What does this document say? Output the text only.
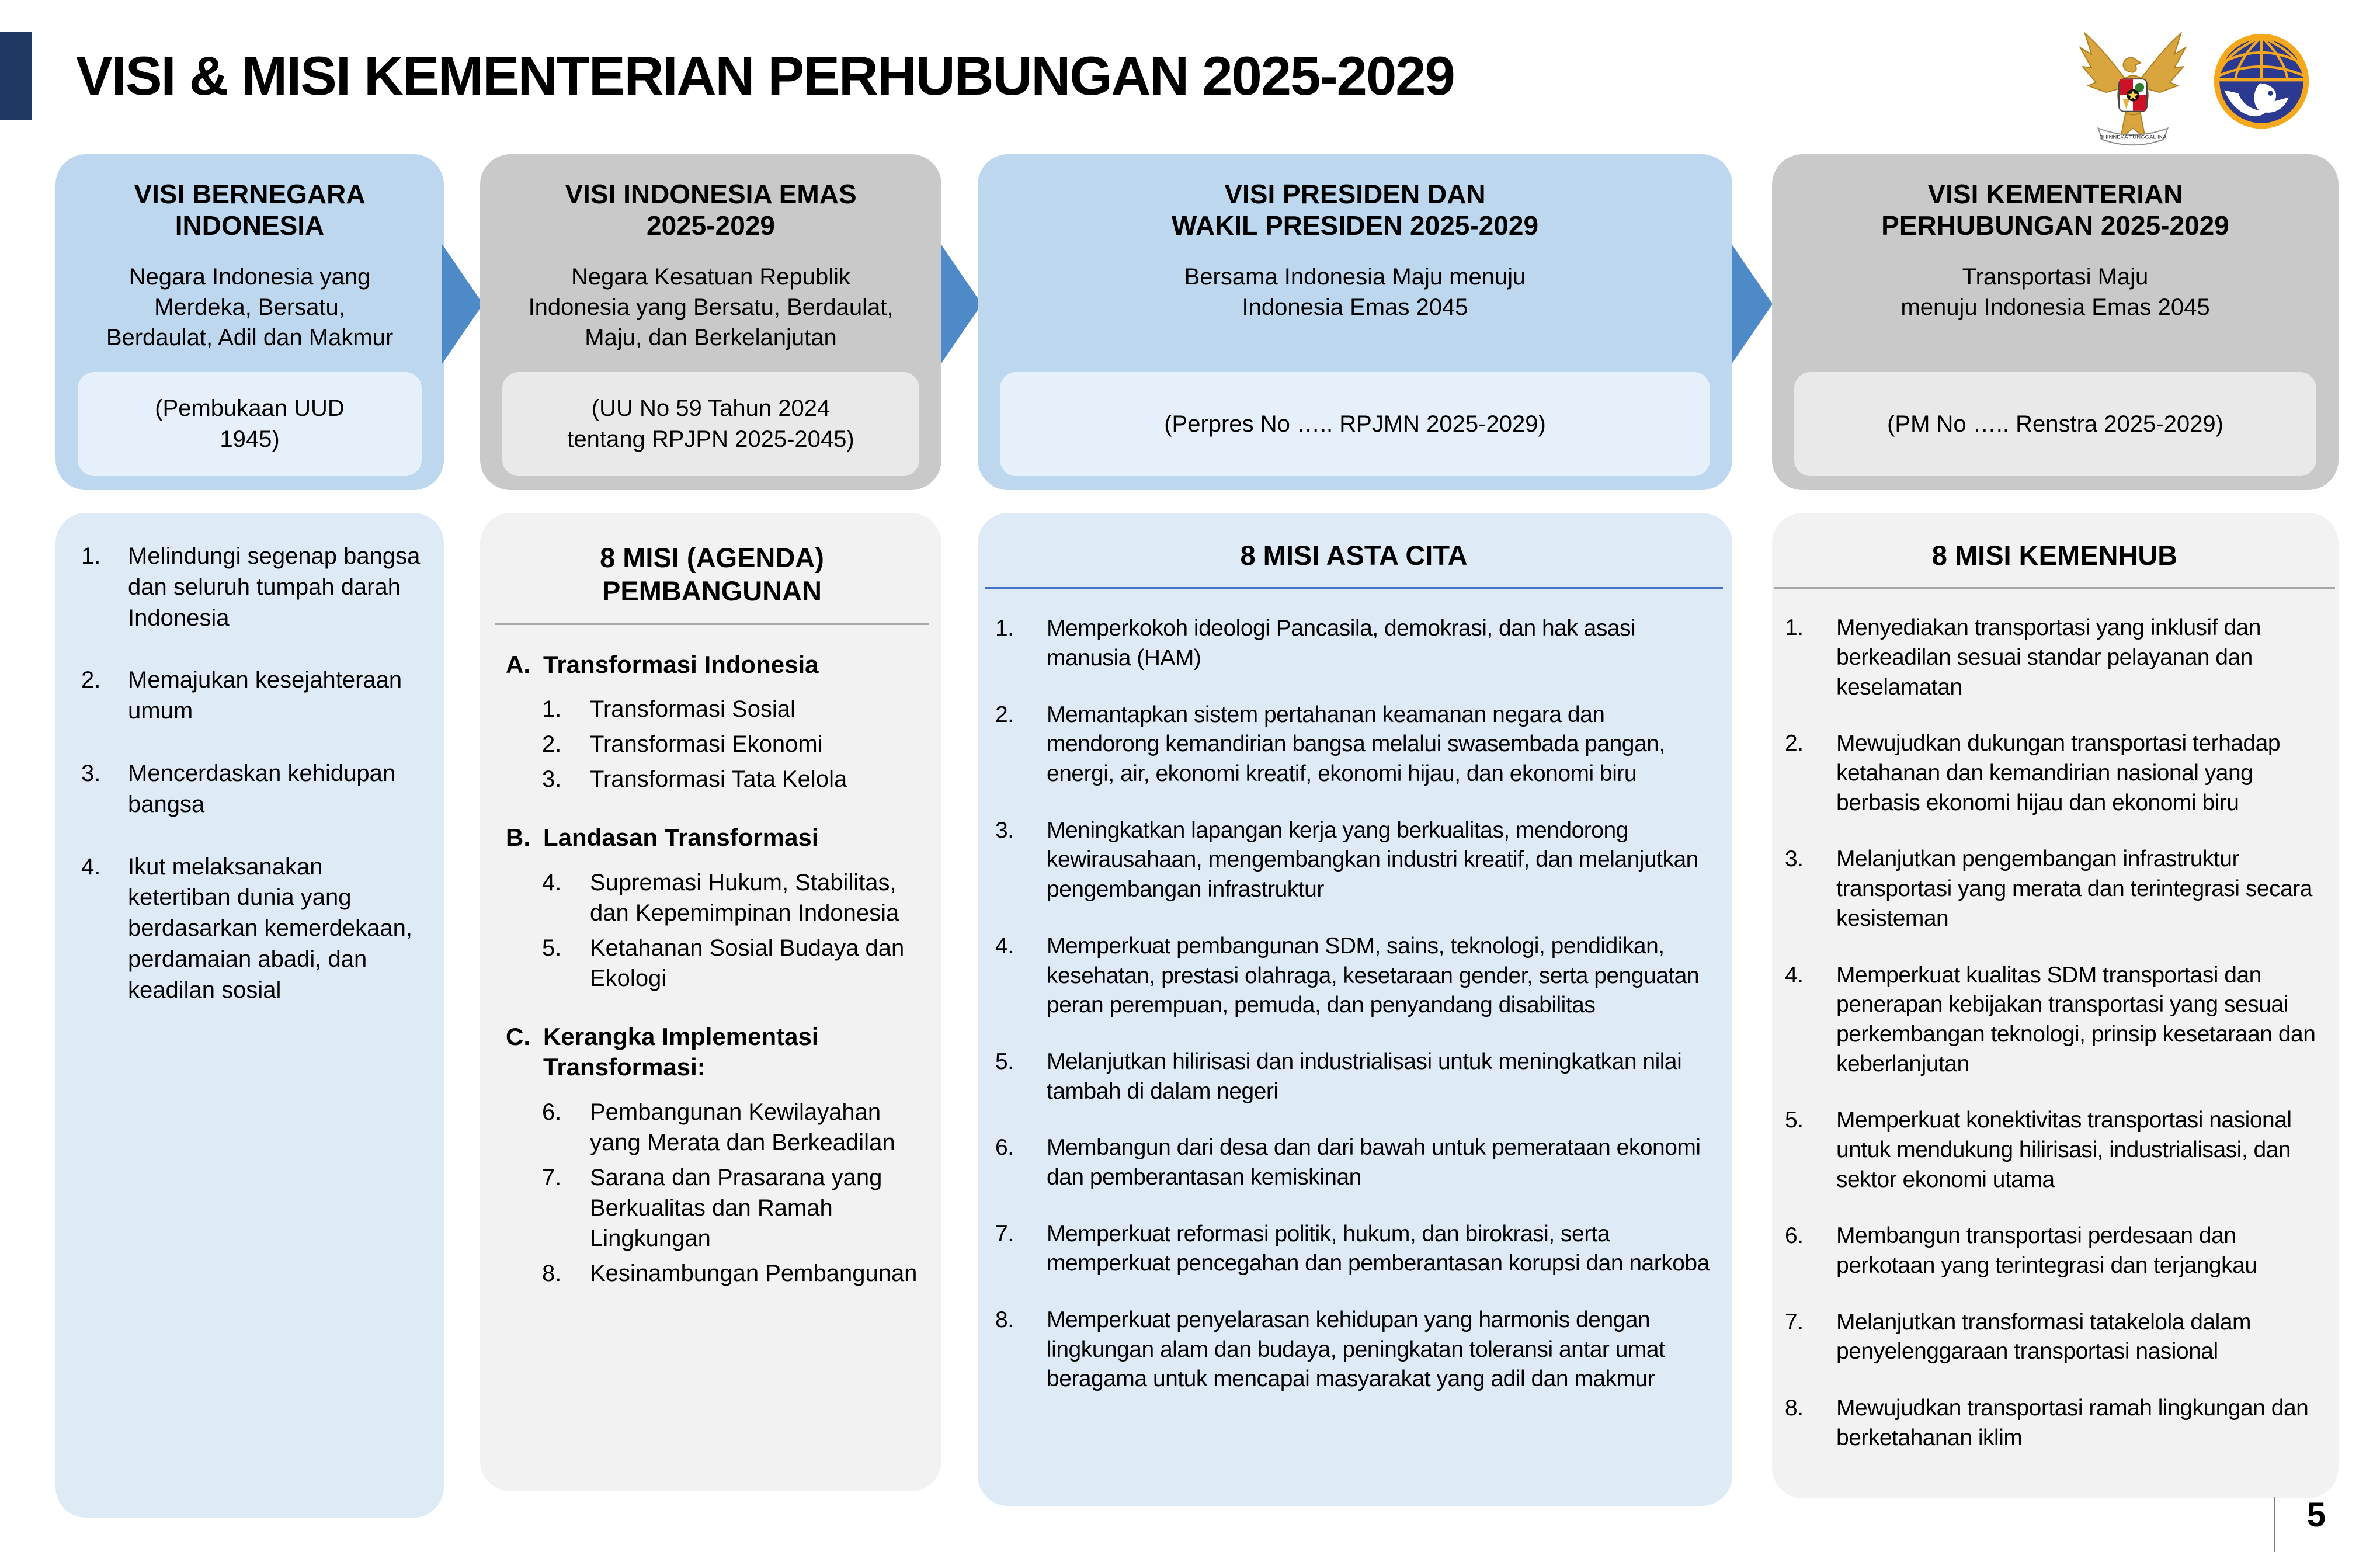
VISI & MISI KEMENTERIAN PERHUBUNGAN 2025-2029
BHINNEKA TUNGGAL IKA
VISI BERNEGARA
INDONESIA
Negara Indonesia yang
Merdeka, Bersatu,
Berdaulat, Adil dan Makmur
(Pembukaan UUD
1945)
1.	Melindungi segenap bangsa dan seluruh tumpah darah Indonesia
2.	Memajukan kesejahteraan umum
3.	Mencerdaskan kehidupan bangsa
4.	Ikut melaksanakan ketertiban dunia yang berdasarkan kemerdekaan, perdamaian abadi, dan keadilan sosial
VISI INDONESIA EMAS
2025-2029
Negara Kesatuan Republik
Indonesia yang Bersatu, Berdaulat,
Maju, dan Berkelanjutan
(UU No 59 Tahun 2024
tentang RPJPN 2025-2045)
8 MISI (AGENDA)
PEMBANGUNAN
A. Transformasi Indonesia
1.	Transformasi Sosial
2.	Transformasi Ekonomi
3.	Transformasi Tata Kelola
B. Landasan Transformasi
4.	Supremasi Hukum, Stabilitas, dan Kepemimpinan Indonesia
5.	Ketahanan Sosial Budaya dan Ekologi
C. Kerangka Implementasi Transformasi:
6.	Pembangunan Kewilayahan yang Merata dan Berkeadilan
7.	Sarana dan Prasarana yang Berkualitas dan Ramah Lingkungan
8.	Kesinambungan Pembangunan
VISI PRESIDEN DAN
WAKIL PRESIDEN 2025-2029
Bersama Indonesia Maju menuju
Indonesia Emas 2045
(Perpres No ….. RPJMN 2025-2029)
8 MISI ASTA CITA
1.	Memperkokoh ideologi Pancasila, demokrasi, dan hak asasi manusia (HAM)
2.	Memantapkan sistem pertahanan keamanan negara dan mendorong kemandirian bangsa melalui swasembada pangan, energi, air, ekonomi kreatif, ekonomi hijau, dan ekonomi biru
3.	Meningkatkan lapangan kerja yang berkualitas, mendorong kewirausahaan, mengembangkan industri kreatif, dan melanjutkan pengembangan infrastruktur
4.	Memperkuat pembangunan SDM, sains, teknologi, pendidikan, kesehatan, prestasi olahraga, kesetaraan gender, serta penguatan peran perempuan, pemuda, dan penyandang disabilitas
5.	Melanjutkan hilirisasi dan industrialisasi untuk meningkatkan nilai tambah di dalam negeri
6.	Membangun dari desa dan dari bawah untuk pemerataan ekonomi dan pemberantasan kemiskinan
7.	Memperkuat reformasi politik, hukum, dan birokrasi, serta memperkuat pencegahan dan pemberantasan korupsi dan narkoba
8.	Memperkuat penyelarasan kehidupan yang harmonis dengan lingkungan alam dan budaya, peningkatan toleransi antar umat beragama untuk mencapai masyarakat yang adil dan makmur
VISI KEMENTERIAN
PERHUBUNGAN 2025-2029
Transportasi Maju
menuju Indonesia Emas 2045
(PM No ….. Renstra 2025-2029)
8 MISI KEMENHUB
1.	Menyediakan transportasi yang inklusif dan berkeadilan sesuai standar pelayanan dan keselamatan
2.	Mewujudkan dukungan transportasi terhadap ketahanan dan kemandirian nasional yang berbasis ekonomi hijau dan ekonomi biru
3.	Melanjutkan pengembangan infrastruktur transportasi yang merata dan terintegrasi secara kesisteman
4.	Memperkuat kualitas SDM transportasi dan penerapan kebijakan transportasi yang sesuai perkembangan teknologi, prinsip kesetaraan dan keberlanjutan
5.	Memperkuat konektivitas transportasi nasional untuk mendukung hilirisasi, industrialisasi, dan sektor ekonomi utama
6.	Membangun transportasi perdesaan dan perkotaan yang terintegrasi dan terjangkau
7.	Melanjutkan transformasi tatakelola dalam penyelenggaraan transportasi nasional
8.	Mewujudkan transportasi ramah lingkungan dan berketahanan iklim
5
